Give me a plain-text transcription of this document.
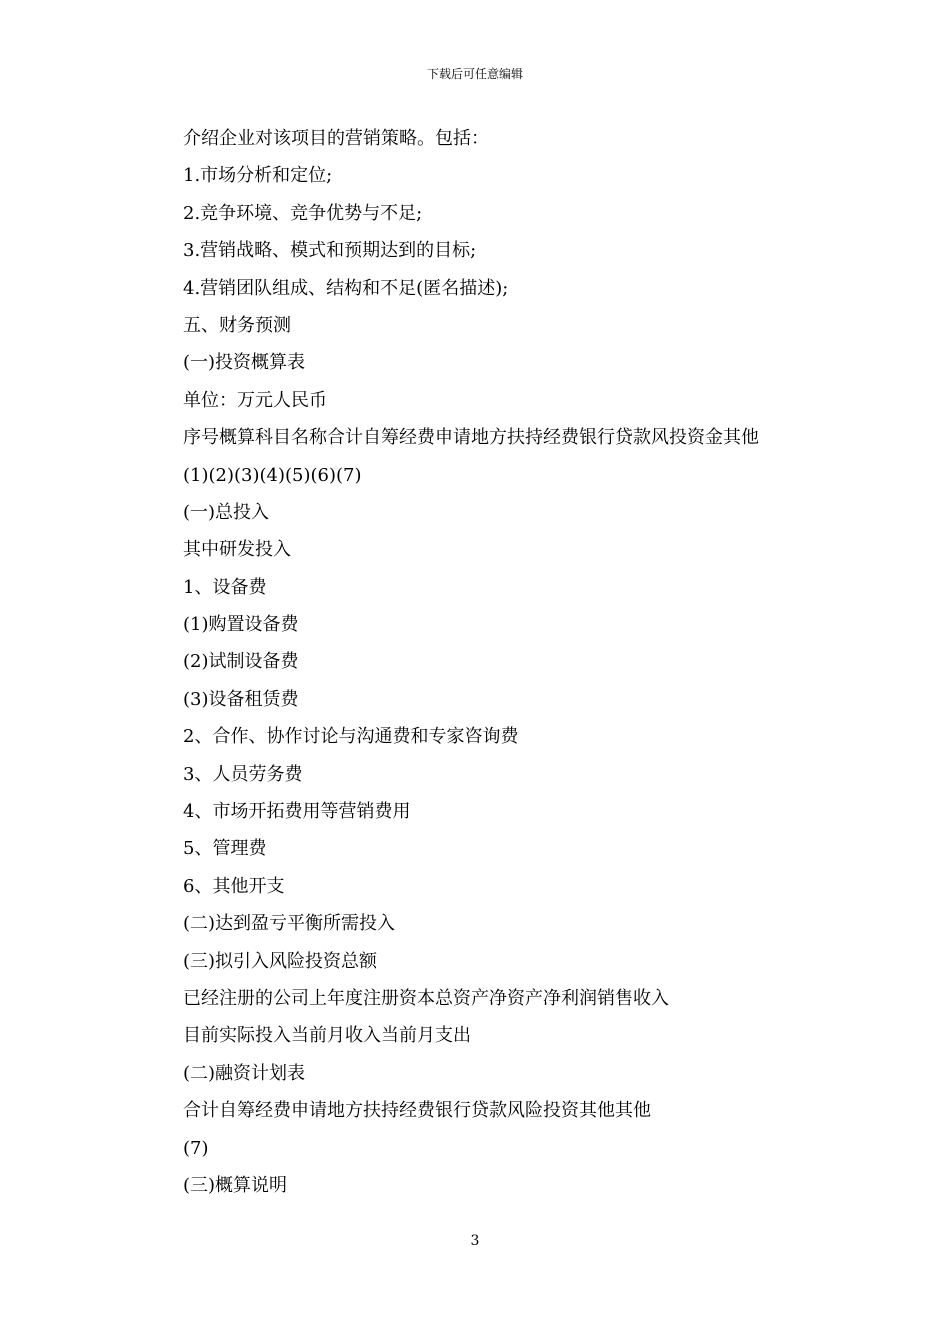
下载后可任意编辑
介绍企业对该项目的营销策略。包括：
1.市场分析和定位;
2.竞争环境、竞争优势与不足;
3.营销战略、模式和预期达到的目标;
4.营销团队组成、结构和不足(匿名描述);
五、财务预测
(一)投资概算表
单位：万元人民币
序号概算科目名称合计自筹经费申请地方扶持经费银行贷款风投资金其他
(1)(2)(3)(4)(5)(6)(7)
(一)总投入
其中研发投入
1、设备费
(1)购置设备费
(2)试制设备费
(3)设备租赁费
2、合作、协作讨论与沟通费和专家咨询费
3、人员劳务费
4、市场开拓费用等营销费用
5、管理费
6、其他开支
(二)达到盈亏平衡所需投入
(三)拟引入风险投资总额
已经注册的公司上年度注册资本总资产净资产净利润销售收入
目前实际投入当前月收入当前月支出
(二)融资计划表
合计自筹经费申请地方扶持经费银行贷款风险投资其他其他
(7)
(三)概算说明
3
